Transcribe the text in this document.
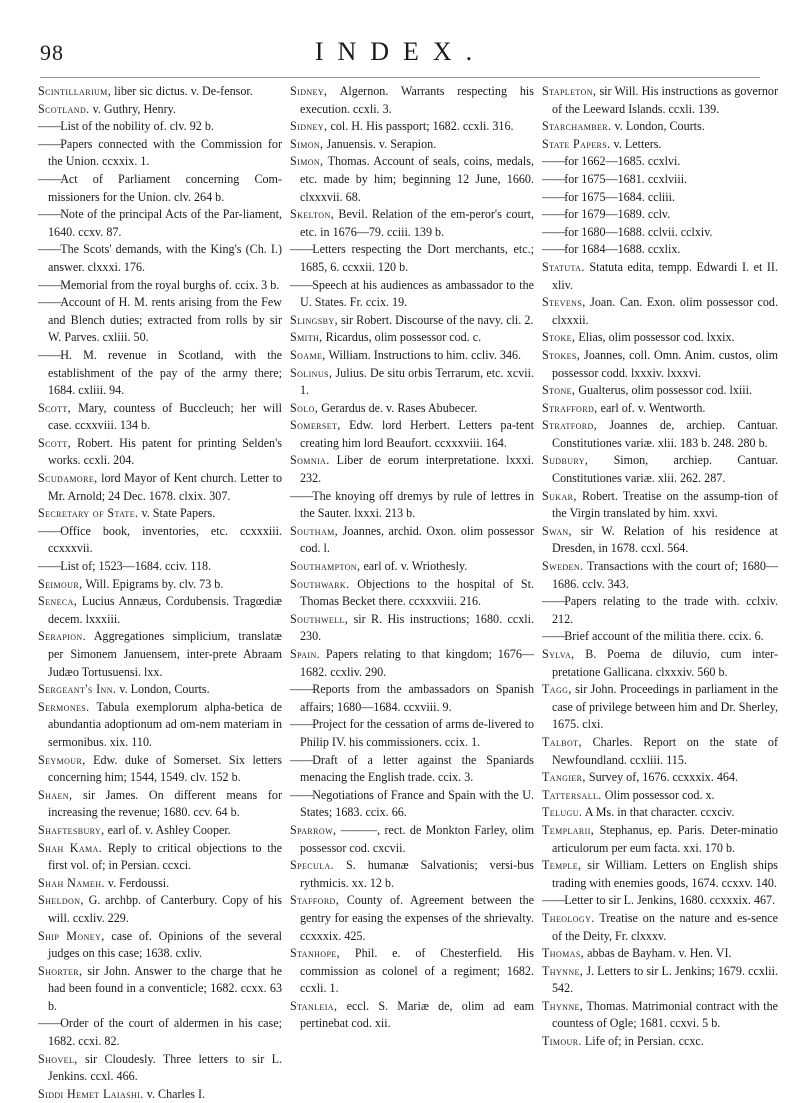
98	INDEX.

Scintillarium, liber sic dictus. v. De-fensor.

Scotland. v. Guthry, Henry.

—— List of the nobility of. clv. 92 b.

—— Papers connected with the Commission for the Union. ccxxix. 1.

—— Act of Parliament concerning Com-missioners for the Union. clv. 264 b.

—— Note of the principal Acts of the Par-liament, 1640. ccxv. 87.

—— The Scots' demands, with the King's (Ch. I.) answer. clxxxi. 176.

—— Memorial from the royal burghs of. ccix. 3 b.

—— Account of H. M. rents arising from the Few and Blench duties; extracted from rolls by sir W. Parves. cxliii. 50.

—— H. M. revenue in Scotland, with the establishment of the pay of the army there; 1684. cxliii. 94.

Scott, Mary, countess of Buccleuch; her will case. ccxxviii. 134 b.

Scott, Robert. His patent for printing Selden's works. ccxli. 204.

Scudamore, lord Mayor of Kent church. Letter to Mr. Arnold; 24 Dec. 1678. clxix. 307.

Secretary of State. v. State Papers.

—— Office book, inventories, etc. ccxxxiii. ccxxxvii.

—— List of; 1523—1684. cciv. 118.

Seimour, Will. Epigrams by. clv. 73 b.

Seneca, Lucius Annæus, Cordubensis. Tragœdiæ decem. lxxxiii.

Serapion. Aggregationes simplicium, translatæ per Simonem Januensem, inter-prete Abraam Judæo Tortusuensi. lxx.

Sergeant's Inn. v. London, Courts.

Sermones. Tabula exemplorum alpha-betica de abundantia adoptionum ad om-nem materiam in sermonibus. xix. 110.

Seymour, Edw. duke of Somerset. Six letters concerning him; 1544, 1549. clv. 152 b.

Shaen, sir James. On different means for increasing the revenue; 1680. ccv. 64 b.

Shaftesbury, earl of. v. Ashley Cooper.

Shah Kama. Reply to critical objections to the first vol. of; in Persian. ccxci.

Shah Nameh. v. Ferdoussi.

Sheldon, G. archbp. of Canterbury. Copy of his will. ccxliv. 229.

Ship Money, case of. Opinions of the several judges on this case; 1638. cxliv.

Shorter, sir John. Answer to the charge that he had been found in a conventicle; 1682. ccxx. 63 b.

—— Order of the court of aldermen in his case; 1682. ccxi. 82.

Shovel, sir Cloudesly. Three letters to sir L. Jenkins. ccxl. 466.

Siddi Hemet Laiashi. v. Charles I.

Sidney, Algernon. Warrants respecting his execution. ccxli. 3.

Sidney, col. H. His passport; 1682. ccxli. 316.

Simon, Januensis. v. Serapion.

Simon, Thomas. Account of seals, coins, medals, etc. made by him; beginning 12 June, 1660. clxxxvii. 68.

Skelton, Bevil. Relation of the em-peror's court, etc. in 1676—79. cciii. 139 b.

—— Letters respecting the Dort merchants, etc.; 1685, 6. ccxxii. 120 b.

—— Speech at his audiences as ambassador to the U. States. Fr. ccix. 19.

Slingsby, sir Robert. Discourse of the navy. cli. 2.

Smith, Ricardus, olim possessor cod. c.

Soame, William. Instructions to him. ccliv. 346.

Solinus, Julius. De situ orbis Terrarum, etc. xcvii. 1.

Solo, Gerardus de. v. Rases Abubecer.

Somerset, Edw. lord Herbert. Letters pa-tent creating him lord Beaufort. ccxxxviii. 164.

Somnia. Liber de eorum interpretatione. lxxxi. 232.

—— The knoying off dremys by rule of lettres in the Sauter. lxxxi. 213 b.

Southam, Joannes, archid. Oxon. olim possessor cod. l.

Southampton, earl of. v. Wriothesly.

Southwark. Objections to the hospital of St. Thomas Becket there. ccxxxviii. 216.

Southwell, sir R. His instructions; 1680. ccxli. 230.

Spain. Papers relating to that kingdom; 1676—1682. ccxliv. 290.

—— Reports from the ambassadors on Spanish affairs; 1680—1684. ccxviii. 9.

—— Project for the cessation of arms de-livered to Philip IV. his commissioners. ccix. 1.

—— Draft of a letter against the Spaniards menacing the English trade. ccix. 3.

—— Negotiations of France and Spain with the U. States; 1683. ccix. 66.

Sparrow, ———, rect. de Monkton Farley, olim possessor cod. cxcvii.

Specula. S. humanæ Salvationis; versi-bus rythmicis. xx. 12 b.

Stafford, County of. Agreement between the gentry for easing the expenses of the shrievalty. ccxxxix. 425.

Stanhope, Phil. e. of Chesterfield. His commission as colonel of a regiment; 1682. ccxli. 1.

Stanleia, eccl. S. Mariæ de, olim ad eam pertinebat cod. xii.

Stapleton, sir Will. His instructions as governor of the Leeward Islands. ccxli. 139.

Starchamber. v. London, Courts.

State Papers. v. Letters.

—— for 1662—1685. ccxlvi.

—— for 1675—1681. ccxlviii.

—— for 1675—1684. ccliii.

—— for 1679—1689. cclv.

—— for 1680—1688. cclvii. cclxiv.

—— for 1684—1688. ccxlix.

Statuta. Statuta edita, tempp. Edwardi I. et II. xliv.

Stevens, Joan. Can. Exon. olim possessor cod. clxxxii.

Stoke, Elias, olim possessor cod. lxxix.

Stokes, Joannes, coll. Omn. Anim. custos, olim possessor codd. lxxxiv. lxxxvi.

Stone, Gualterus, olim possessor cod. lxiii.

Strafford, earl of. v. Wentworth.

Stratford, Joannes de, archiep. Cantuar. Constitutiones variæ. xlii. 183 b. 248. 280 b.

Sudbury, Simon, archiep. Cantuar. Constitutiones variæ. xlii. 262. 287.

Sukar, Robert. Treatise on the assump-tion of the Virgin translated by him. xxvi.

Swan, sir W. Relation of his residence at Dresden, in 1678. ccxl. 564.

Sweden. Transactions with the court of; 1680—1686. cclv. 343.

—— Papers relating to the trade with. cclxiv. 212.

—— Brief account of the militia there. ccix. 6.

Sylva, B. Poema de diluvio, cum inter-pretatione Gallicana. clxxxiv. 560 b.

Tagg, sir John. Proceedings in parliament in the case of privilege between him and Dr. Sherley, 1675. clxi.

Talbot, Charles. Report on the state of Newfoundland. ccxliii. 115.

Tangier, Survey of, 1676. ccxxxix. 464.

Tattersall. Olim possessor cod. x.

Telugu. A Ms. in that character. ccxciv.

Templarii, Stephanus, ep. Paris. Deter-minatio articulorum per eum facta. xxi. 170 b.

Temple, sir William. Letters on English ships trading with enemies goods, 1674. ccxxv. 140.

—— Letter to sir L. Jenkins, 1680. ccxxxix. 467.

Theology. Treatise on the nature and es-sence of the Deity, Fr. clxxxv.

Thomas, abbas de Bayham. v. Hen. VI.

Thynne, J. Letters to sir L. Jenkins; 1679. ccxlii. 542.

Thynne, Thomas. Matrimonial contract with the countess of Ogle; 1681. ccxvi. 5 b.

Timour. Life of; in Persian. ccxc.
